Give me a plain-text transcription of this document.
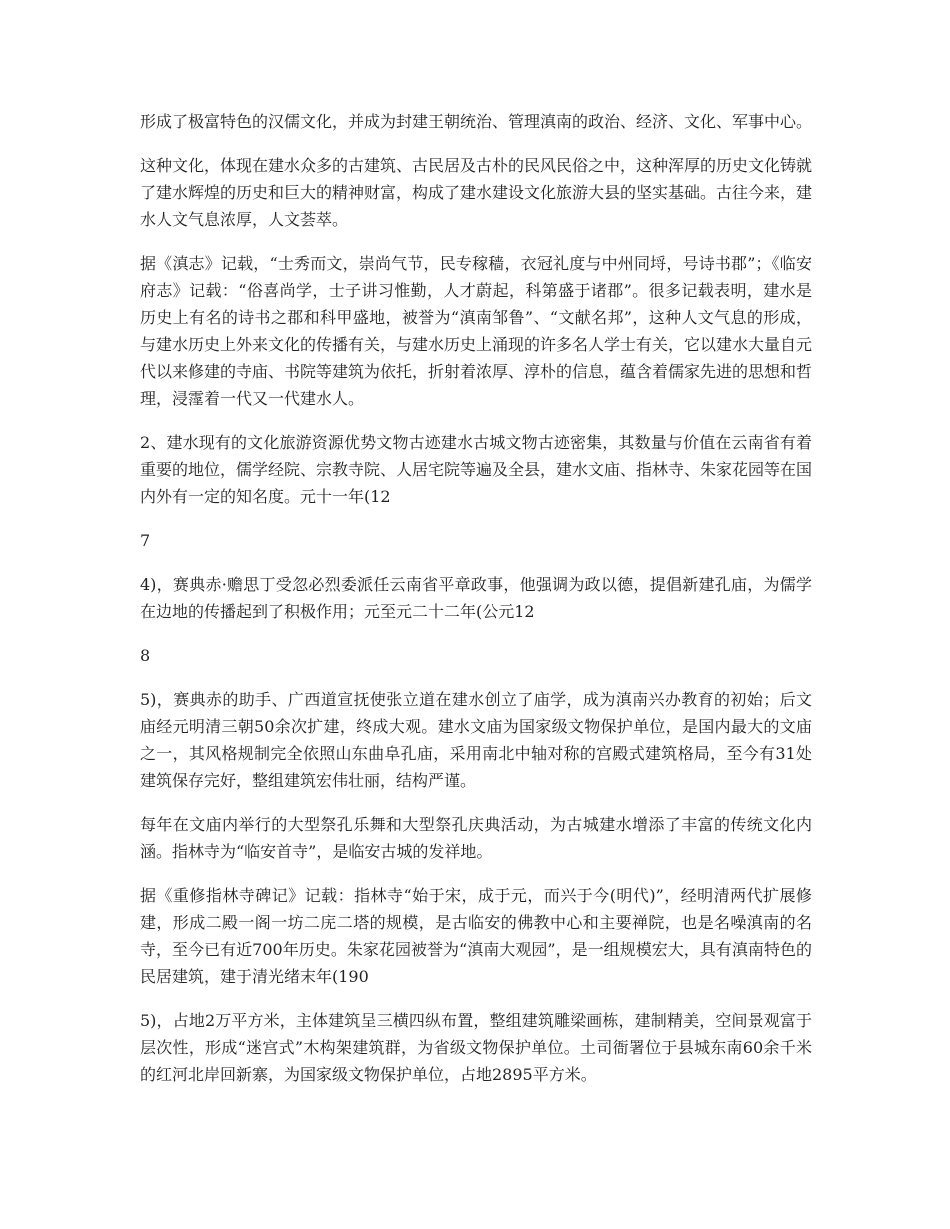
形成了极富特色的汉儒文化，并成为封建王朝统治、管理滇南的政治、经济、文化、军事中心。

这种文化，体现在建水众多的古建筑、古民居及古朴的民风民俗之中，这种浑厚的历史文化铸就了建水辉煌的历史和巨大的精神财富，构成了建水建设文化旅游大县的坚实基础。古往今来，建水人文气息浓厚，人文荟萃。

据《滇志》记载，“士秀而文，崇尚气节，民专稼穑，衣冠礼度与中州同埒，号诗书郡”；《临安府志》记载：“俗喜尚学，士子讲习惟勤，人才蔚起，科第盛于诸郡”。很多记载表明，建水是历史上有名的诗书之郡和科甲盛地，被誉为“滇南邹鲁”、“文献名邦”，这种人文气息的形成，与建水历史上外来文化的传播有关，与建水历史上涌现的许多名人学士有关，它以建水大量自元代以来修建的寺庙、书院等建筑为依托，折射着浓厚、淳朴的信息，蕴含着儒家先进的思想和哲理，浸霪着一代又一代建水人。

2、建水现有的文化旅游资源优势文物古迹建水古城文物古迹密集，其数量与价值在云南省有着重要的地位，儒学经院、宗教寺院、人居宅院等遍及全县，建水文庙、指林寺、朱家花园等在国内外有一定的知名度。元十一年(12

7

4)，赛典赤·赡思丁受忽必烈委派任云南省平章政事，他强调为政以德，提倡新建孔庙，为儒学在边地的传播起到了积极作用；元至元二十二年(公元12

8

5)，赛典赤的助手、广西道宣抚使张立道在建水创立了庙学，成为滇南兴办教育的初始；后文庙经元明清三朝50余次扩建，终成大观。建水文庙为国家级文物保护单位，是国内最大的文庙之一，其风格规制完全依照山东曲阜孔庙，采用南北中轴对称的宫殿式建筑格局，至今有31处建筑保存完好，整组建筑宏伟壮丽，结构严谨。

每年在文庙内举行的大型祭孔乐舞和大型祭孔庆典活动，为古城建水增添了丰富的传统文化内涵。指林寺为“临安首寺”，是临安古城的发祥地。

据《重修指林寺碑记》记载：指林寺“始于宋，成于元，而兴于今(明代)”，经明清两代扩展修建，形成二殿一阁一坊二庑二塔的规模，是古临安的佛教中心和主要禅院，也是名噪滇南的名寺，至今已有近700年历史。朱家花园被誉为“滇南大观园”，是一组规模宏大，具有滇南特色的民居建筑，建于清光绪末年(190

5)，占地2万平方米，主体建筑呈三横四纵布置，整组建筑雕梁画栋，建制精美，空间景观富于层次性，形成“迷宫式”木构架建筑群，为省级文物保护单位。土司衙署位于县城东南60余千米的红河北岸回新寨，为国家级文物保护单位，占地2895平方米。
